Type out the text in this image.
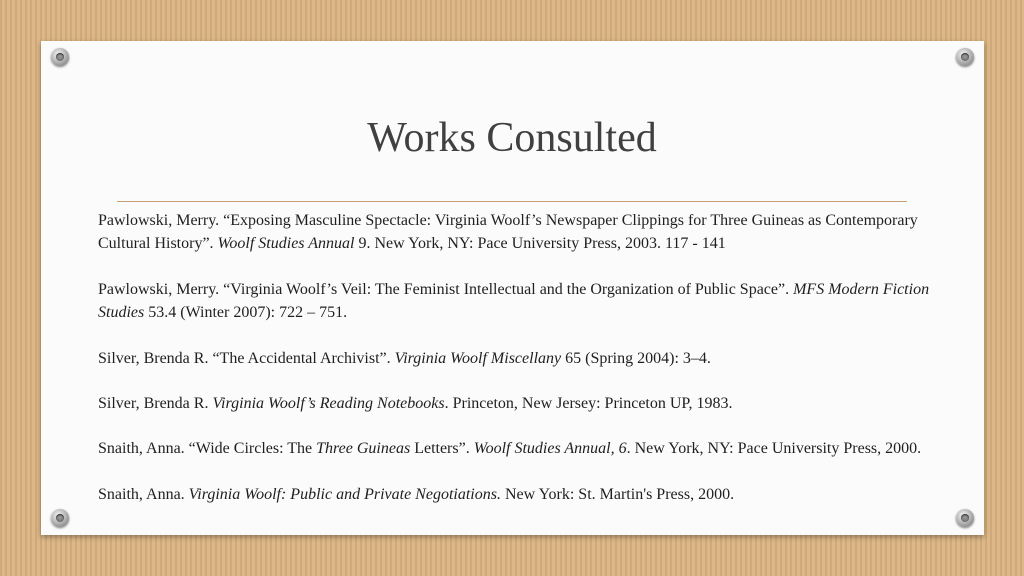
Works Consulted

Pawlowski, Merry. “Exposing Masculine Spectacle: Virginia Woolf’s Newspaper Clippings for Three Guineas as Contemporary Cultural History”. Woolf Studies Annual 9. New York, NY: Pace University Press, 2003. 117 - 141

Pawlowski, Merry. “Virginia Woolf’s Veil: The Feminist Intellectual and the Organization of Public Space”. MFS Modern Fiction Studies 53.4 (Winter 2007): 722 – 751.

Silver, Brenda R. “The Accidental Archivist”. Virginia Woolf Miscellany 65 (Spring 2004): 3–4.

Silver, Brenda R. Virginia Woolf’s Reading Notebooks. Princeton, New Jersey: Princeton UP, 1983.

Snaith, Anna. “Wide Circles: The Three Guineas Letters”. Woolf Studies Annual, 6. New York, NY: Pace University Press, 2000.

Snaith, Anna. Virginia Woolf: Public and Private Negotiations. New York: St. Martin's Press, 2000.
